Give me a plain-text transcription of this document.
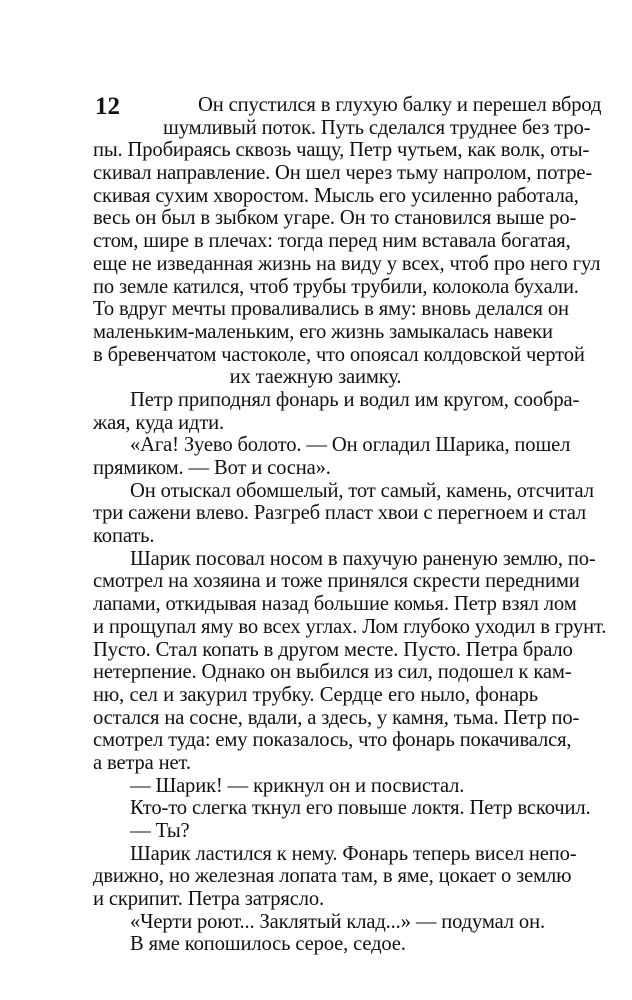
12	Он спустился в глухую балку и перешел вброд
шумливый поток. Путь сделался труднее без тро-
пы. Пробираясь сквозь чащу, Петр чутьем, как волк, оты-
скивал направление. Он шел через тьму напролом, потре-
скивая сухим хворостом. Мысль его усиленно работала,
весь он был в зыбком угаре. Он то становился выше ро-
стом, шире в плечах: тогда перед ним вставала богатая,
еще не изведанная жизнь на виду у всех, чтоб про него гул
по земле катился, чтоб трубы трубили, колокола бухали.
То вдруг мечты проваливались в яму: вновь делался он
маленьким-маленьким, его жизнь замыкалась навеки
в бревенчатом частоколе, что опоясал колдовской чертой
их таежную заимку.
Петр приподнял фонарь и водил им кругом, сообра-
жая, куда идти.
«Ага! Зуево болото. — Он огладил Шарика, пошел
прямиком. — Вот и сосна».
Он отыскал обомшелый, тот самый, камень, отсчитал
три сажени влево. Разгреб пласт хвои с перегноем и стал
копать.
Шарик посовал носом в пахучую раненую землю, по-
смотрел на хозяина и тоже принялся скрести передними
лапами, откидывая назад большие комья. Петр взял лом
и прощупал яму во всех углах. Лом глубоко уходил в грунт.
Пусто. Стал копать в другом месте. Пусто. Петра брало
нетерпение. Однако он выбился из сил, подошел к кам-
ню, сел и закурил трубку. Сердце его ныло, фонарь
остался на сосне, вдали, а здесь, у камня, тьма. Петр по-
смотрел туда: ему показалось, что фонарь покачивался,
а ветра нет.
— Шарик! — крикнул он и посвистал.
Кто-то слегка ткнул его повыше локтя. Петр вскочил.
— Ты?
Шарик ластился к нему. Фонарь теперь висел непо-
движно, но железная лопата там, в яме, цокает о землю
и скрипит. Петра затрясло.
«Черти роют... Заклятый клад...» — подумал он.
В яме копошилось серое, седое.
